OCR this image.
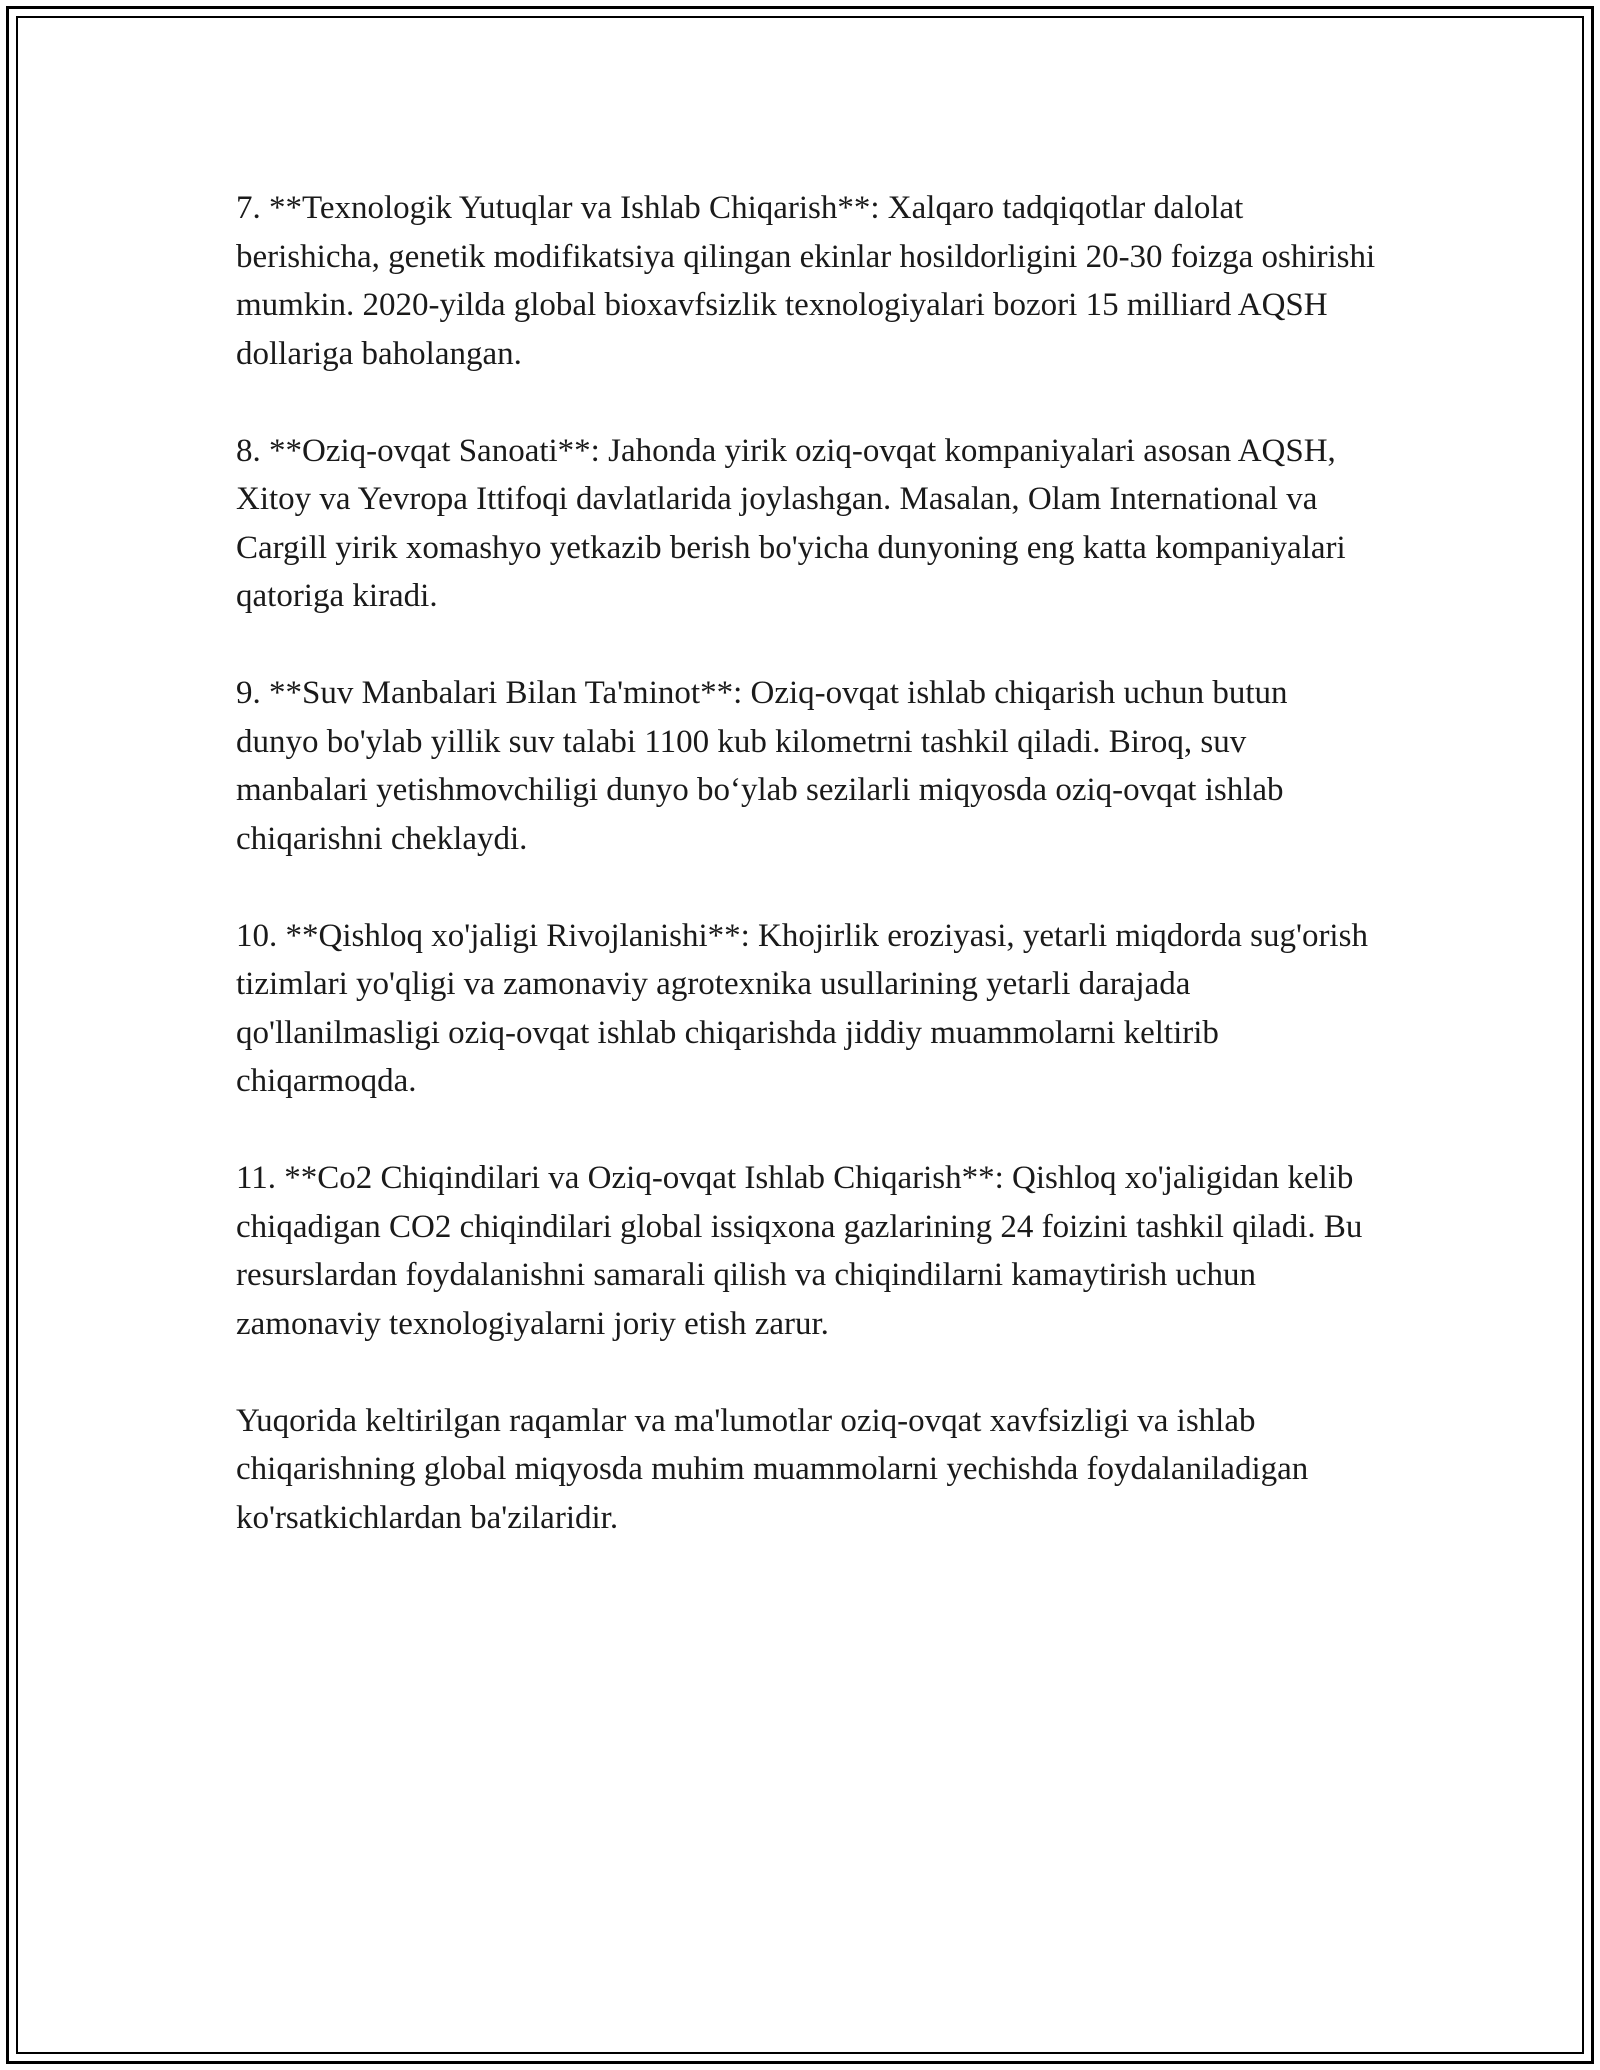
7. **Texnologik Yutuqlar va Ishlab Chiqarish**: Xalqaro tadqiqotlar dalolat berishicha, genetik modifikatsiya qilingan ekinlar hosildorligini 20-30 foizga oshirishi mumkin. 2020-yilda global bioxavfsizlik texnologiyalari bozori 15 milliard AQSH dollariga baholangan.

8. **Oziq-ovqat Sanoati**: Jahonda yirik oziq-ovqat kompaniyalari asosan AQSH, Xitoy va Yevropa Ittifoqi davlatlarida joylashgan. Masalan, Olam International va Cargill yirik xomashyo yetkazib berish bo'yicha dunyoning eng katta kompaniyalari qatoriga kiradi.

9. **Suv Manbalari Bilan Ta'minot**: Oziq-ovqat ishlab chiqarish uchun butun dunyo bo'ylab yillik suv talabi 1100 kub kilometrni tashkil qiladi. Biroq, suv manbalari yetishmovchiligi dunyo bo‘ylab sezilarli miqyosda oziq-ovqat ishlab chiqarishni cheklaydi.

10. **Qishloq xo'jaligi Rivojlanishi**: Khojirlik eroziyasi, yetarli miqdorda sug'orish tizimlari yo'qligi va zamonaviy agrotexnika usullarining yetarli darajada qo'llanilmasligi oziq-ovqat ishlab chiqarishda jiddiy muammolarni keltirib chiqarmoqda.

11. **Co2 Chiqindilari va Oziq-ovqat Ishlab Chiqarish**: Qishloq xo'jaligidan kelib chiqadigan CO2 chiqindilari global issiqxona gazlarining 24 foizini tashkil qiladi. Bu resurslardan foydalanishni samarali qilish va chiqindilarni kamaytirish uchun zamonaviy texnologiyalarni joriy etish zarur.

Yuqorida keltirilgan raqamlar va ma'lumotlar oziq-ovqat xavfsizligi va ishlab chiqarishning global miqyosda muhim muammolarni yechishda foydalaniladigan ko'rsatkichlardan ba'zilaridir.
